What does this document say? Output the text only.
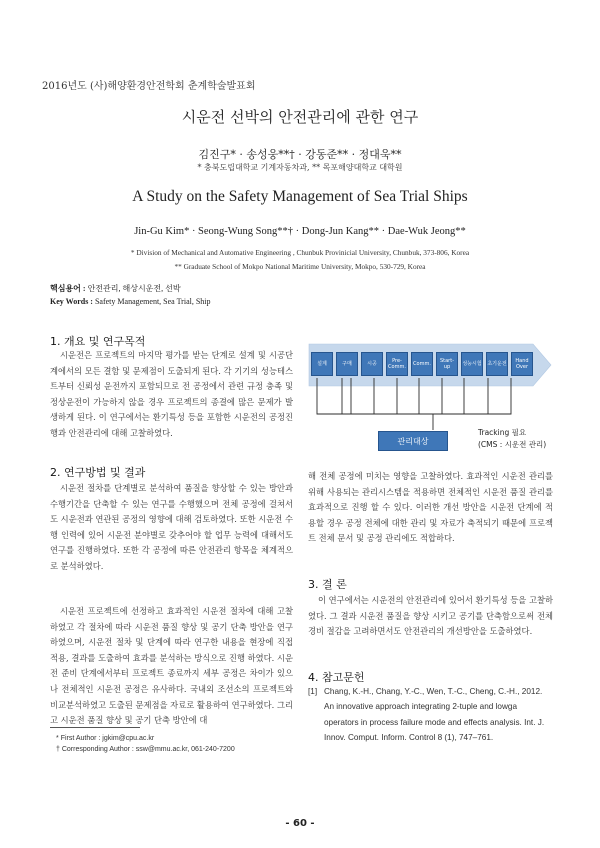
2016년도 (사)해양환경안전학회 춘계학술발표회
시운전 선박의 안전관리에 관한 연구
김진구* · 송성웅**† · 강동준** · 정대욱**
* 충북도립대학교 기계자동차과, ** 목포해양대학교 대학원
A Study on the Safety Management of Sea Trial Ships
Jin-Gu Kim* · Seong-Wung Song**† · Dong-Jun Kang** · Dae-Wuk Jeong**
* Division of Mechanical and Automative Engineering , Chunbuk Provinicial University, Chunbuk, 373-806, Korea
** Graduate School of Mokpo National Maritime University, Mokpo, 530-729, Korea
핵심용어 : 안전관리, 해상시운전, 선박
Key Words : Safety Management, Sea Trial, Ship
1. 개요 및 연구목적
시운전은 프로젝트의 마지막 평가를 받는 단계로 설계 및 시공단계에서의 모든 결함 및 문제점이 도출되게 된다. 각 기기의 성능테스트부터 신뢰성 운전까지 포함되므로 전 공정에서 관련 규정 충족 및 정상운전이 가능하지 않을 경우 프로젝트의 종결에 많은 문제가 발생하게 된다. 이 연구에서는 환기특성 등을 포함한 시운전의 공정진행과 안전관리에 대해 고찰하였다.
2. 연구방법 및 결과
시운전 절차를 단계별로 분석하여 품질을 향상할 수 있는 방안과 수행기간을 단축할 수 있는 연구를 수행했으며 전체 공정에 걸쳐서도 시운전과 연관된 공정의 영향에 대해 검토하였다. 또한 시운전 수행 인력에 있어 시운전 분야별로 갖추어야 할 업무 능력에 대해서도 연구를 진행하였다. 또한 각 공정에 따른 안전관리 항목을 체계적으로 분석하였다.
시운전 프로젝트에 선정하고 효과적인 시운전 절차에 대해 고찰하였고 각 절차에 따라 시운전 품질 향상 및 공기 단축 방안을 연구하였으며, 시운전 절차 및 단계에 따라 연구한 내용을 현장에 직접 적용, 결과를 도출하여 효과를 분석하는 방식으로 진행 하였다. 시운전 준비 단계에서부터 프로젝트 종료까지 세부 공정은 차이가 있으나 전체적인 시운전 공정은 유사하다. 국내외 조선소의 프로젝트와 비교분석하였고 도출된 문제점을 자료로 활용하여 연구하였다. 그리고 시운전 품질 향상 및 공기 단축 방안에 대
해 전체 공정에 미치는 영향을 고찰하였다. 효과적인 시운전 관리를 위해 사용되는 관리시스템을 적용하면 전체적인 시운전 품질 관리를 효과적으로 진행 할 수 있다. 이러한 개선 방안을 시운전 단계에 적용할 경우 공정 전체에 대한 관리 및 자료가 축적되기 때문에 프로젝트 전체 문서 및 공정 관리에도 적합하다.
3. 결 론
이 연구에서는 시운전의 안전관리에 있어서 환기특성 등을 고찰하였다. 그 결과 시운전 품질을 향상 시키고 공기를 단축함으로써 전체 경비 절감을 고려하면서도 안전관리의 개선방안을 도출하였다.
4. 참고문헌
[1] Chang, K.-H., Chang, Y.-C., Wen, T.-C., Cheng, C.-H., 2012. An innovative approach integrating 2-tuple and lowga operators in process failure mode and effects analysis. Int. J. Innov. Comput. Inform. Control 8 (1), 747–761.
설계	구매	시공	Pre-Comm.	Comm.	Start-up	성능시험 초기운전	Hand Over
관리대상
Tracking 필요
(CMS : 시운전 관리)
* First Author : jgkim@cpu.ac.kr
† Corresponding Author : ssw@mmu.ac.kr, 061-240-7200
- 60 -
